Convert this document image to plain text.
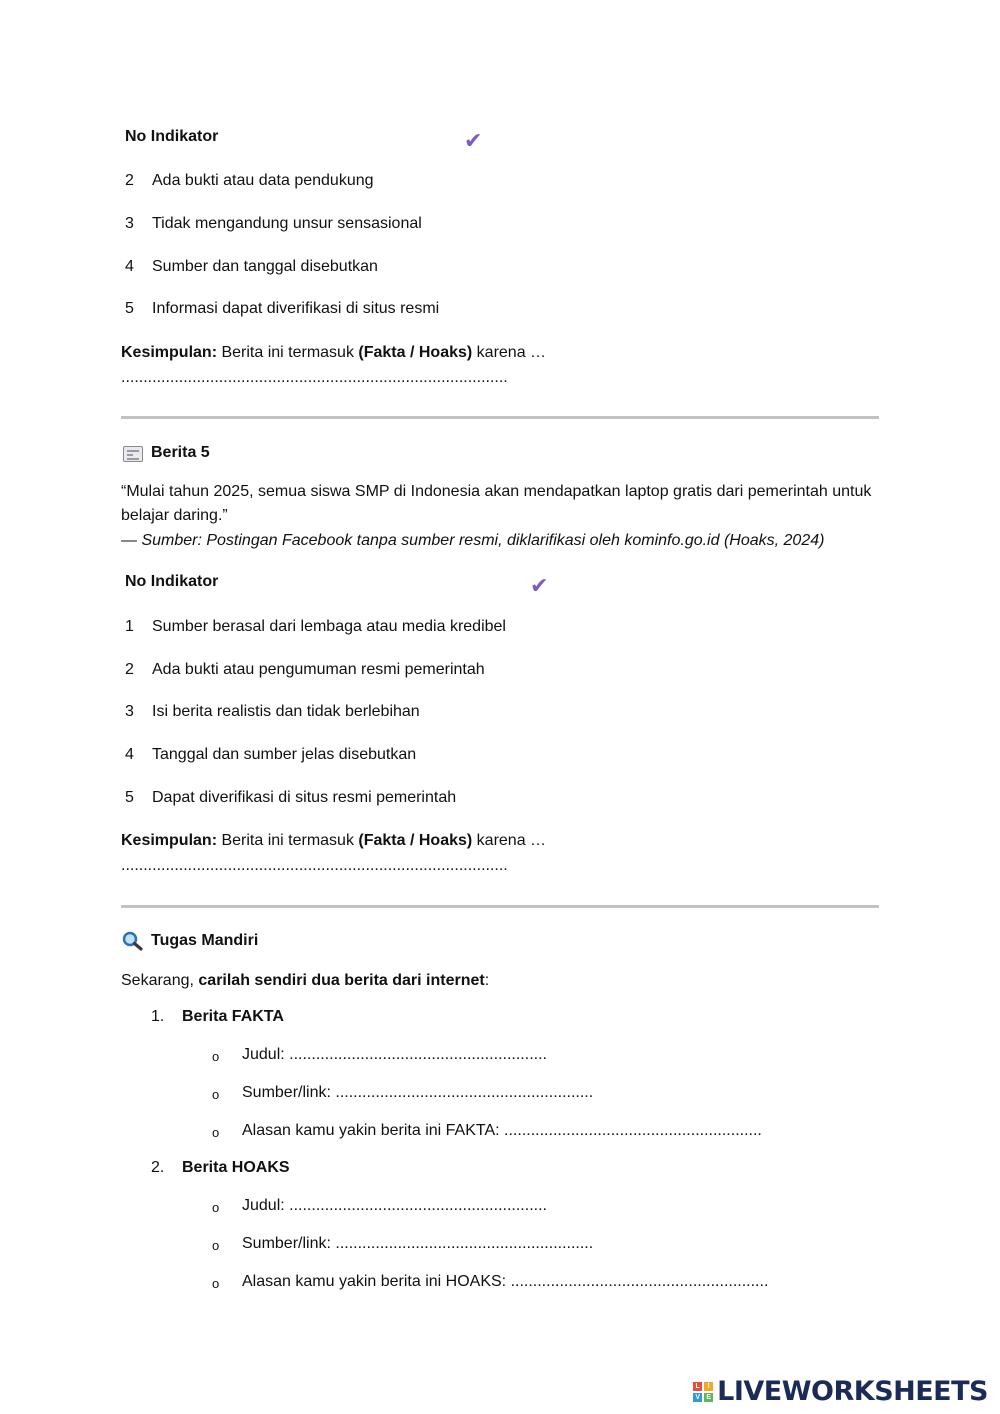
No Indikator	✔
2 Ada bukti atau data pendukung
3 Tidak mengandung unsur sensasional
4 Sumber dan tanggal disebutkan
5 Informasi dapat diverifikasi di situs resmi
Kesimpulan: Berita ini termasuk (Fakta / Hoaks) karena …
.......................................................................................
Berita 5
“Mulai tahun 2025, semua siswa SMP di Indonesia akan mendapatkan laptop gratis dari pemerintah untuk belajar daring.”
— Sumber: Postingan Facebook tanpa sumber resmi, diklarifikasi oleh kominfo.go.id (Hoaks, 2024)
No Indikator	✔
1 Sumber berasal dari lembaga atau media kredibel
2 Ada bukti atau pengumuman resmi pemerintah
3 Isi berita realistis dan tidak berlebihan
4 Tanggal dan sumber jelas disebutkan
5 Dapat diverifikasi di situs resmi pemerintah
Kesimpulan: Berita ini termasuk (Fakta / Hoaks) karena …
.......................................................................................
Tugas Mandiri
Sekarang, carilah sendiri dua berita dari internet:
1. Berita FAKTA
o Judul: ..........................................................
o Sumber/link: ..........................................................
o Alasan kamu yakin berita ini FAKTA: ..........................................................
2. Berita HOAKS
o Judul: ..........................................................
o Sumber/link: ..........................................................
o Alasan kamu yakin berita ini HOAKS: ..........................................................
L	I
V E LIVEWORKSHEETS
